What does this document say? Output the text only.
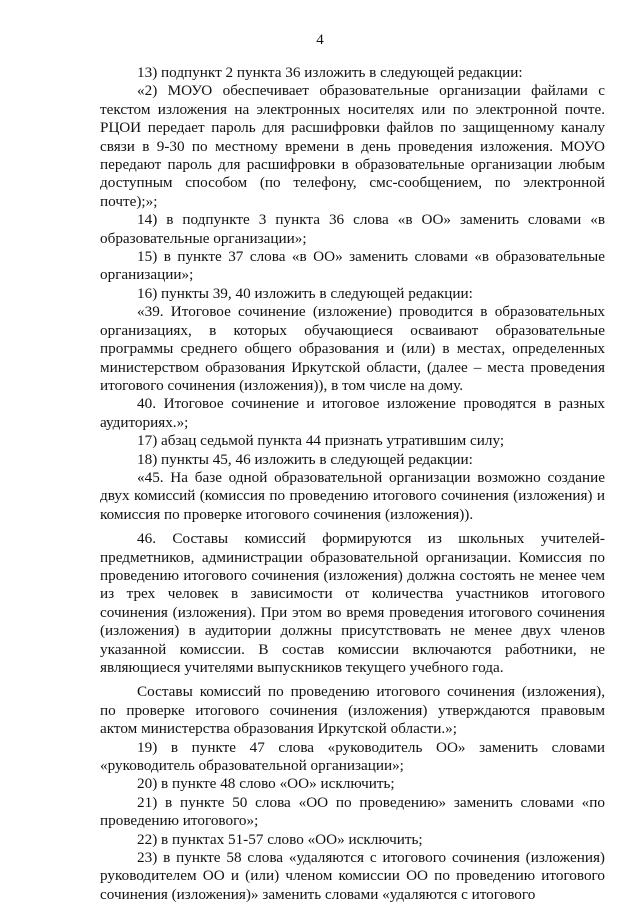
4

13) подпункт 2 пункта 36 изложить в следующей редакции:

«2) МОУО обеспечивает образовательные организации файлами с текстом изложения на электронных носителях или по электронной почте. РЦОИ передает пароль для расшифровки файлов по защищенному каналу связи в 9-30 по местному времени в день проведения изложения. МОУО передают пароль для расшифровки в образовательные организации любым доступным способом (по телефону, смс-сообщением, по электронной почте);»;

14) в подпункте 3 пункта 36 слова «в ОО» заменить словами «в образовательные организации»;

15) в пункте 37 слова «в ОО» заменить словами «в образовательные организации»;

16) пункты 39, 40 изложить в следующей редакции:

«39. Итоговое сочинение (изложение) проводится в образовательных организациях, в которых обучающиеся осваивают образовательные программы среднего общего образования и (или) в местах, определенных министерством образования Иркутской области, (далее – места проведения итогового сочинения (изложения)), в том числе на дому.

40. Итоговое сочинение и итоговое изложение проводятся в разных аудиториях.»;

17) абзац седьмой пункта 44 признать утратившим силу;

18) пункты 45, 46 изложить в следующей редакции:

«45. На базе одной образовательной организации возможно создание двух комиссий (комиссия по проведению итогового сочинения (изложения) и комиссия по проверке итогового сочинения (изложения)).

46. Составы комиссий формируются из школьных учителей-предметников, администрации образовательной организации. Комиссия по проведению итогового сочинения (изложения) должна состоять не менее чем из трех человек в зависимости от количества участников итогового сочинения (изложения). При этом во время проведения итогового сочинения (изложения) в аудитории должны присутствовать не менее двух членов указанной комиссии. В состав комиссии включаются работники, не являющиеся учителями выпускников текущего учебного года.

Составы комиссий по проведению итогового сочинения (изложения), по проверке итогового сочинения (изложения) утверждаются правовым актом министерства образования Иркутской области.»;

19) в пункте 47 слова «руководитель ОО» заменить словами «руководитель образовательной организации»;

20) в пункте 48 слово «ОО» исключить;

21) в пункте 50 слова «ОО по проведению» заменить словами «по проведению итогового»;

22) в пунктах 51-57 слово «ОО» исключить;

23) в пункте 58 слова «удаляются с итогового сочинения (изложения) руководителем ОО и (или) членом комиссии ОО по проведению итогового сочинения (изложения)» заменить словами «удаляются с итогового
